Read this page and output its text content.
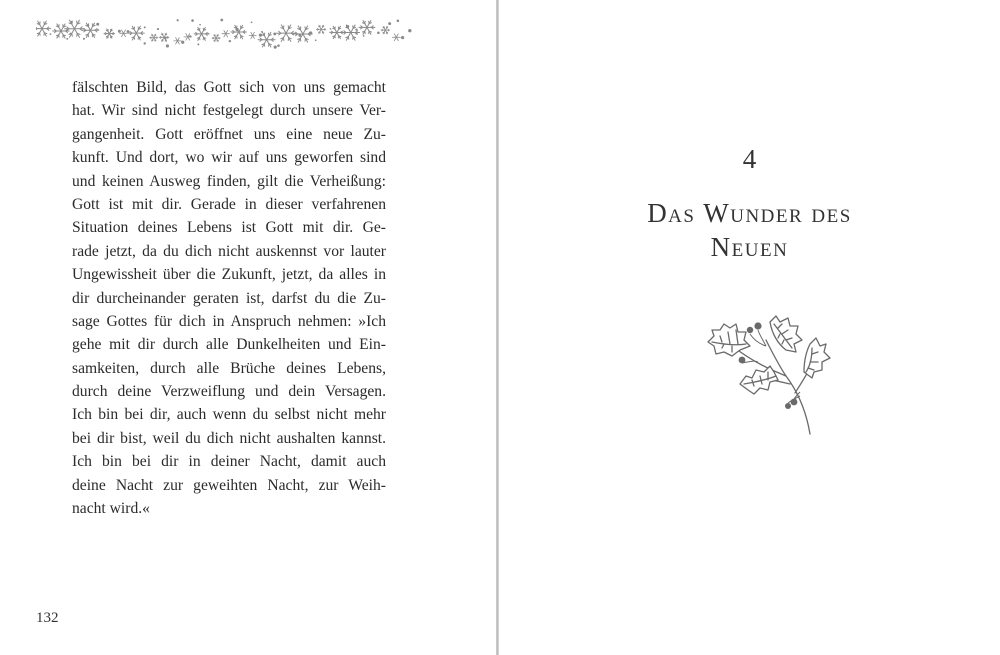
fälschten Bild, das Gott sich von uns gemacht
hat. Wir sind nicht festgelegt durch unsere Ver-
gangenheit. Gott eröffnet uns eine neue Zu-
kunft. Und dort, wo wir auf uns geworfen sind
und keinen Ausweg finden, gilt die Verheißung:
Gott ist mit dir. Gerade in dieser verfahrenen
Situation deines Lebens ist Gott mit dir. Ge-
rade jetzt, da du dich nicht auskennst vor lauter
Ungewissheit über die Zukunft, jetzt, da alles in
dir durcheinander geraten ist, darfst du die Zu-
sage Gottes für dich in Anspruch nehmen: »Ich
gehe mit dir durch alle Dunkelheiten und Ein-
samkeiten, durch alle Brüche deines Lebens,
durch deine Verzweiflung und dein Versagen.
Ich bin bei dir, auch wenn du selbst nicht mehr
bei dir bist, weil du dich nicht aushalten kannst.
Ich bin bei dir in deiner Nacht, damit auch
deine Nacht zur geweihten Nacht, zur Weih-
nacht wird.«
132
4
Das Wunder des
Neuen
